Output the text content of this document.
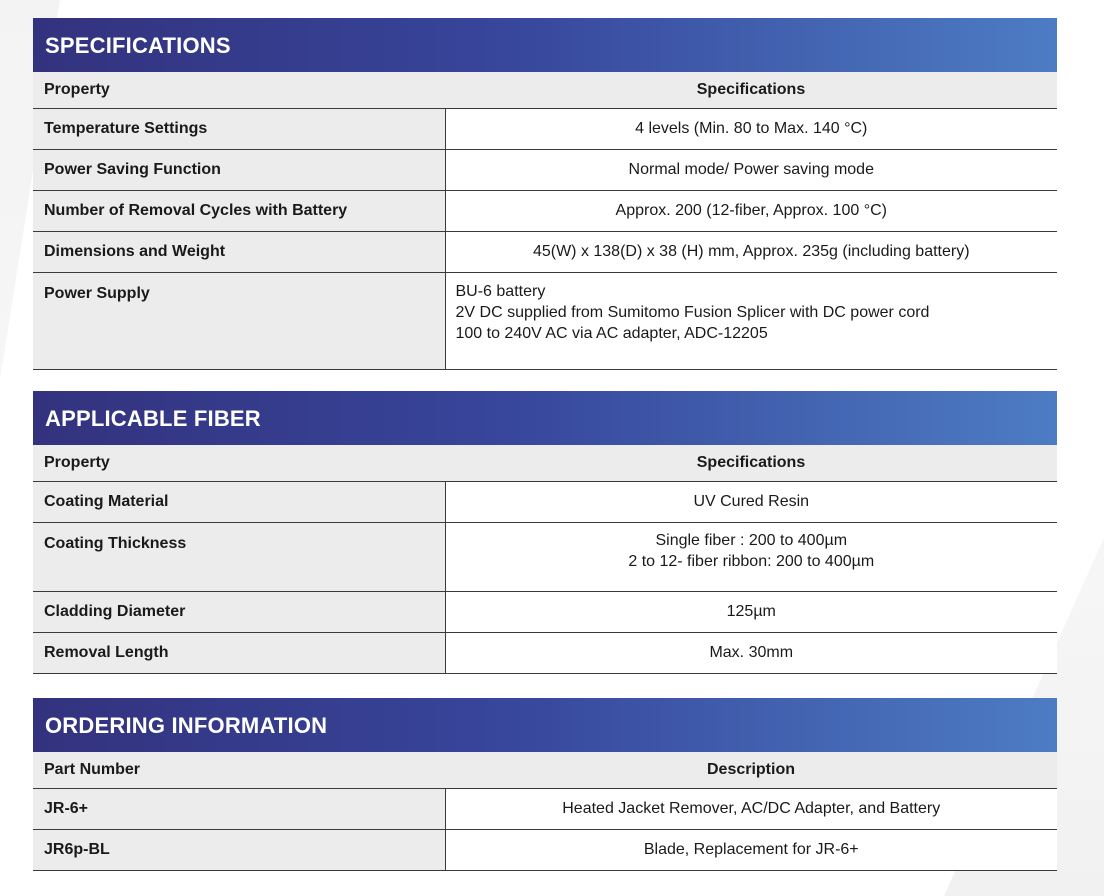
SPECIFICATIONS
Property	Specifications
Temperature Settings	4 levels (Min. 80 to Max. 140 °C)
Power Saving Function	Normal mode/ Power saving mode
Number of Removal Cycles with Battery	Approx. 200 (12-fiber, Approx. 100 °C)
Dimensions and Weight	45(W) x 138(D) x 38 (H) mm, Approx. 235g (including battery)
Power Supply	BU-6 battery
2V DC supplied from Sumitomo Fusion Splicer with DC power cord
100 to 240V AC via AC adapter, ADC-12205
APPLICABLE FIBER
Property	Specifications
Coating Material	UV Cured Resin
Coating Thickness	Single fiber : 200 to 400µm
2 to 12- fiber ribbon: 200 to 400µm

Cladding Diameter	125µm
Removal Length	Max. 30mm
ORDERING INFORMATION
Part Number	Description
JR-6+	Heated Jacket Remover, AC/DC Adapter, and Battery
JR6p-BL	Blade, Replacement for JR-6+
